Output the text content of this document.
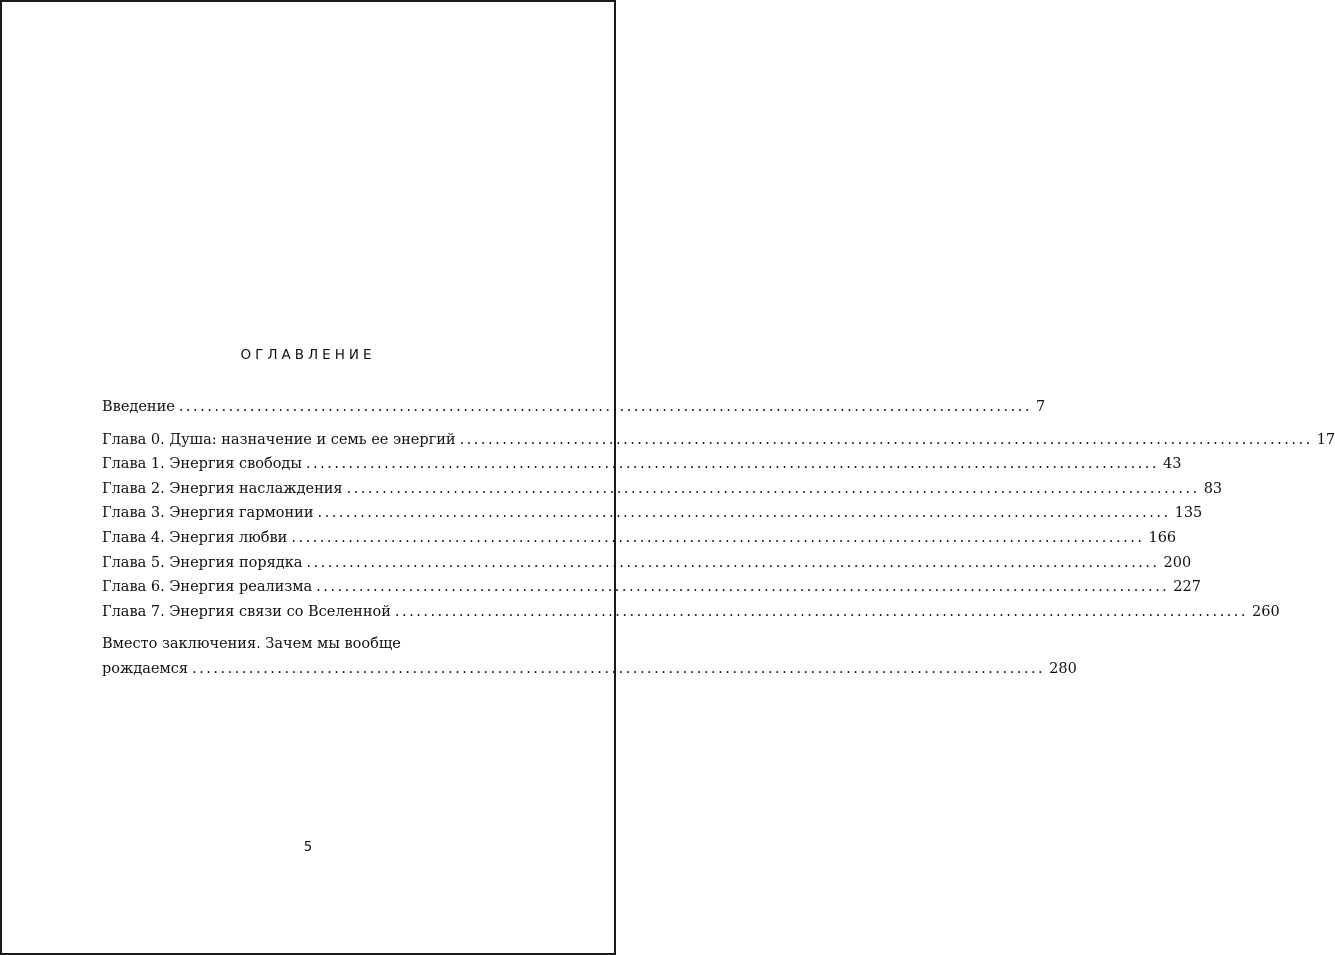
ОГЛАВЛЕНИЕ
Введение ........................................................................................................................ 7
Глава 0. Душа: назначение и семь ее энергий ........................................................................................................................ 17
Глава 1. Энергия свободы ........................................................................................................................ 43
Глава 2. Энергия наслаждения ........................................................................................................................ 83
Глава 3. Энергия гармонии ........................................................................................................................ 135
Глава 4. Энергия любви ........................................................................................................................ 166
Глава 5. Энергия порядка ........................................................................................................................ 200
Глава 6. Энергия реализма ........................................................................................................................ 227
Глава 7. Энергия связи со Вселенной ........................................................................................................................ 260
Вместо заключения. Зачем мы вообще
рождаемся ........................................................................................................................ 280
5
